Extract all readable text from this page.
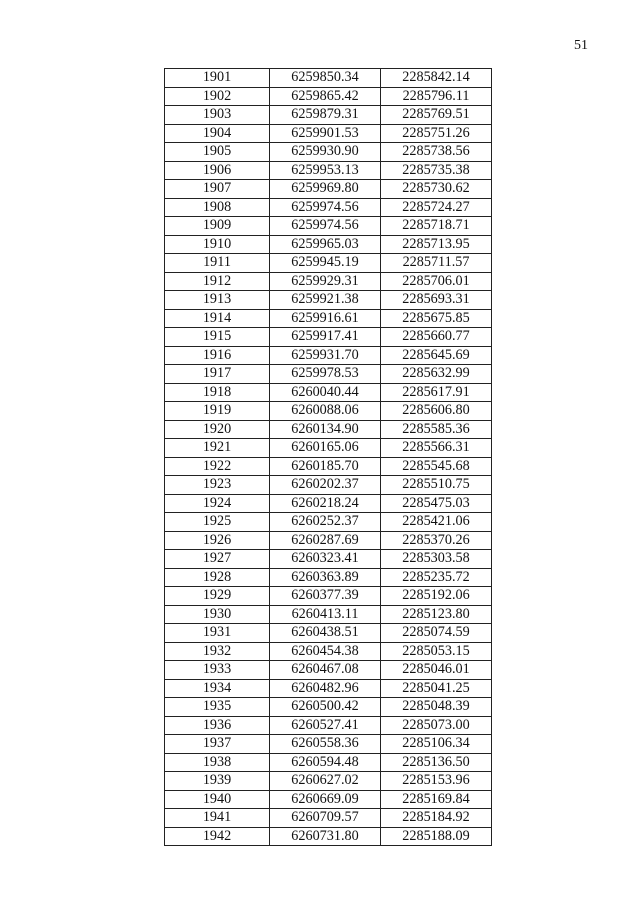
51
1901	6259850.34	2285842.14
1902	6259865.42	2285796.11
1903	6259879.31	2285769.51
1904	6259901.53	2285751.26
1905	6259930.90	2285738.56
1906	6259953.13	2285735.38
1907	6259969.80	2285730.62
1908	6259974.56	2285724.27
1909	6259974.56	2285718.71
1910	6259965.03	2285713.95
1911	6259945.19	2285711.57
1912	6259929.31	2285706.01
1913	6259921.38	2285693.31
1914	6259916.61	2285675.85
1915	6259917.41	2285660.77
1916	6259931.70	2285645.69
1917	6259978.53	2285632.99
1918	6260040.44	2285617.91
1919	6260088.06	2285606.80
1920	6260134.90	2285585.36
1921	6260165.06	2285566.31
1922	6260185.70	2285545.68
1923	6260202.37	2285510.75
1924	6260218.24	2285475.03
1925	6260252.37	2285421.06
1926	6260287.69	2285370.26
1927	6260323.41	2285303.58
1928	6260363.89	2285235.72
1929	6260377.39	2285192.06
1930	6260413.11	2285123.80
1931	6260438.51	2285074.59
1932	6260454.38	2285053.15
1933	6260467.08	2285046.01
1934	6260482.96	2285041.25
1935	6260500.42	2285048.39
1936	6260527.41	2285073.00
1937	6260558.36	2285106.34
1938	6260594.48	2285136.50
1939	6260627.02	2285153.96
1940	6260669.09	2285169.84
1941	6260709.57	2285184.92
1942	6260731.80	2285188.09
